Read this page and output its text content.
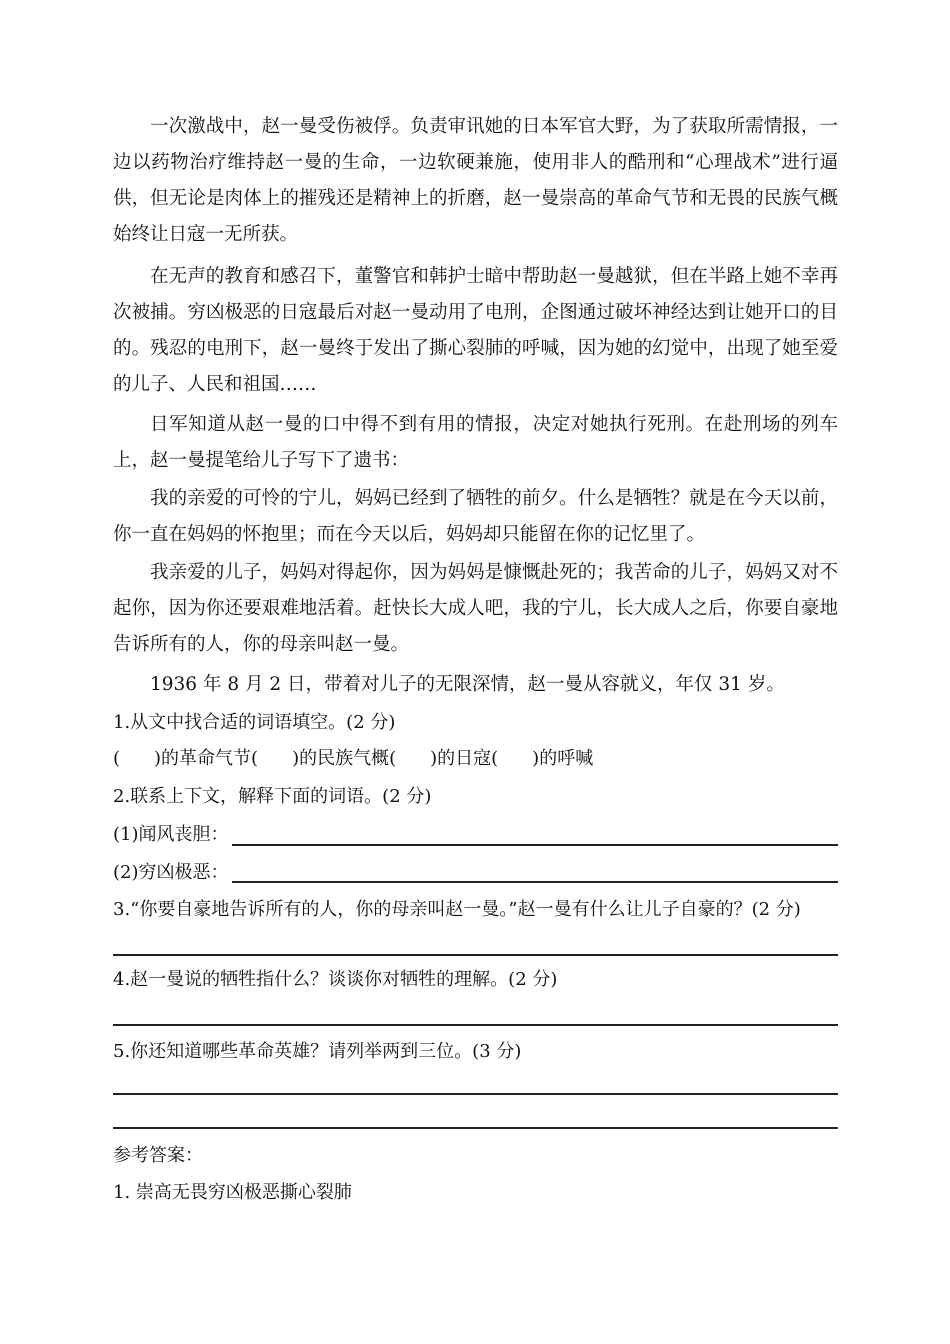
一次激战中，赵一曼受伤被俘。负责审讯她的日本军官大野，为了获取所需情报，一边以药物治疗维持赵一曼的生命，一边软硬兼施，使用非人的酷刑和“心理战术”进行逼供，但无论是肉体上的摧残还是精神上的折磨，赵一曼崇高的革命气节和无畏的民族气概始终让日寇一无所获。

在无声的教育和感召下，董警官和韩护士暗中帮助赵一曼越狱，但在半路上她不幸再次被捕。穷凶极恶的日寇最后对赵一曼动用了电刑，企图通过破坏神经达到让她开口的目的。残忍的电刑下，赵一曼终于发出了撕心裂肺的呼喊，因为她的幻觉中，出现了她至爱的儿子、人民和祖国……

日军知道从赵一曼的口中得不到有用的情报，决定对她执行死刑。在赴刑场的列车上，赵一曼提笔给儿子写下了遗书：

我的亲爱的可怜的宁儿，妈妈已经到了牺牲的前夕。什么是牺牲？就是在今天以前，你一直在妈妈的怀抱里；而在今天以后，妈妈却只能留在你的记忆里了。

我亲爱的儿子，妈妈对得起你，因为妈妈是慷慨赴死的；我苦命的儿子，妈妈又对不起你，因为你还要艰难地活着。赶快长大成人吧，我的宁儿，长大成人之后，你要自豪地告诉所有的人，你的母亲叫赵一曼。

1936 年 8 月 2 日，带着对儿子的无限深情，赵一曼从容就义，年仅 31 岁。

1.从文中找合适的词语填空。(2 分)
( )的革命气节( )的民族气概( )的日寇( )的呼喊
2.联系上下文，解释下面的词语。(2 分)
(1)闻风丧胆：
(2)穷凶极恶：
3.“你要自豪地告诉所有的人，你的母亲叫赵一曼。”赵一曼有什么让儿子自豪的？(2 分)
4.赵一曼说的牺牲指什么？谈谈你对牺牲的理解。(2 分)
5.你还知道哪些革命英雄？请列举两到三位。(3 分)
参考答案：
1. 崇高无畏穷凶极恶撕心裂肺
